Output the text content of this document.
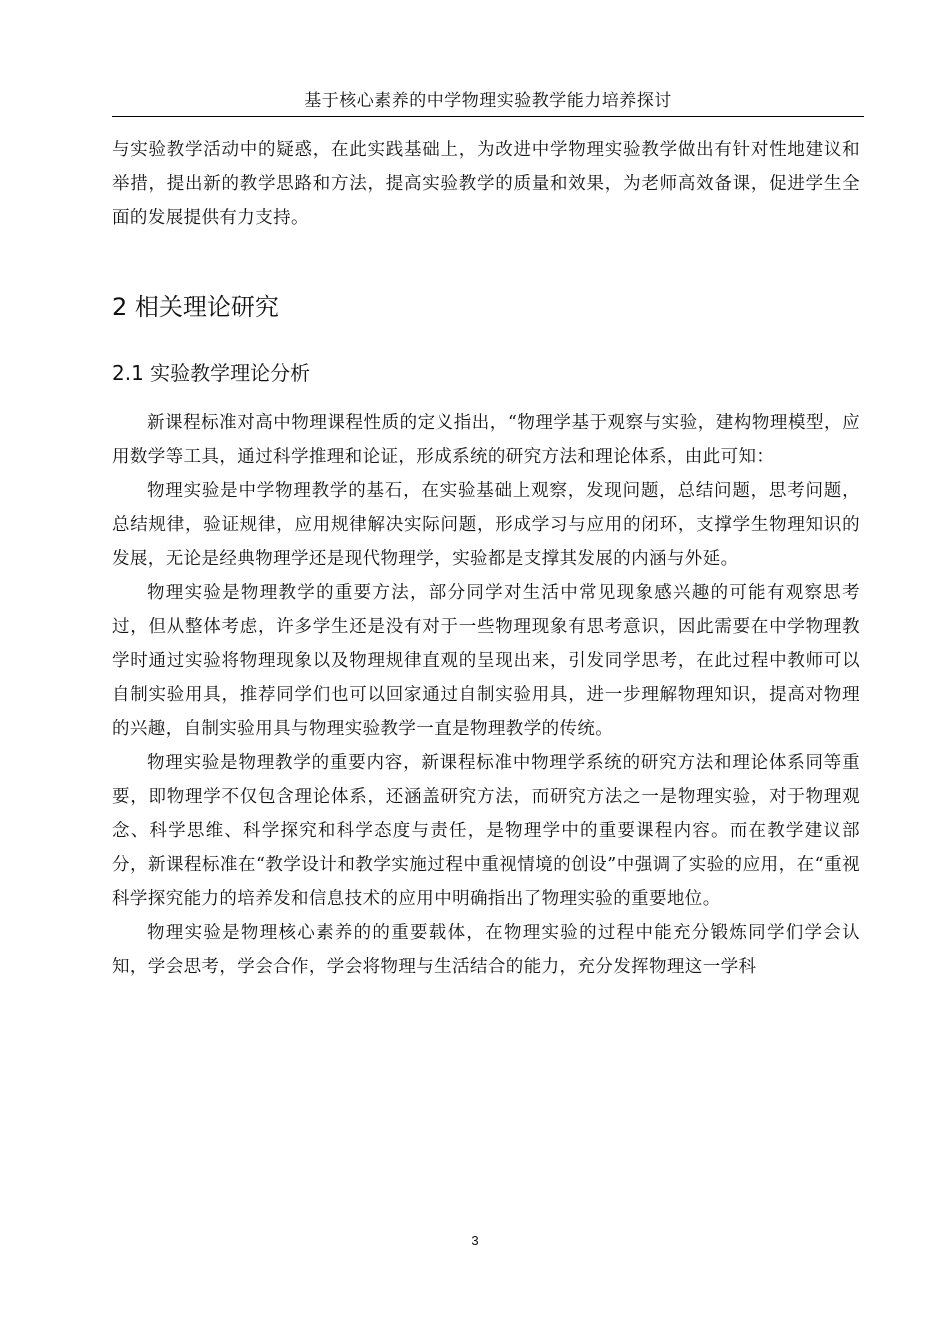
基于核心素养的中学物理实验教学能力培养探讨

与实验教学活动中的疑惑，在此实践基础上，为改进中学物理实验教学做出有针对性地建议和举措，提出新的教学思路和方法，提高实验教学的质量和效果，为老师高效备课，促进学生全面的发展提供有力支持。

2 相关理论研究
2.1 实验教学理论分析

新课程标准对高中物理课程性质的定义指出，“物理学基于观察与实验，建构物理模型，应用数学等工具，通过科学推理和论证，形成系统的研究方法和理论体系，由此可知：

物理实验是中学物理教学的基石，在实验基础上观察，发现问题，总结问题，思考问题，总结规律，验证规律，应用规律解决实际问题，形成学习与应用的闭环，支撑学生物理知识的发展，无论是经典物理学还是现代物理学，实验都是支撑其发展的内涵与外延。

物理实验是物理教学的重要方法，部分同学对生活中常见现象感兴趣的可能有观察思考过，但从整体考虑，许多学生还是没有对于一些物理现象有思考意识，因此需要在中学物理教学时通过实验将物理现象以及物理规律直观的呈现出来，引发同学思考，在此过程中教师可以自制实验用具，推荐同学们也可以回家通过自制实验用具，进一步理解物理知识，提高对物理的兴趣，自制实验用具与物理实验教学一直是物理教学的传统。

物理实验是物理教学的重要内容，新课程标准中物理学系统的研究方法和理论体系同等重要，即物理学不仅包含理论体系，还涵盖研究方法，而研究方法之一是物理实验，对于物理观念、科学思维、科学探究和科学态度与责任，是物理学中的重要课程内容。而在教学建议部分，新课程标准在“教学设计和教学实施过程中重视情境的创设”中强调了实验的应用，在“重视科学探究能力的培养发和信息技术的应用中明确指出了物理实验的重要地位。

物理实验是物理核心素养的的重要载体，在物理实验的过程中能充分锻炼同学们学会认知，学会思考，学会合作，学会将物理与生活结合的能力，充分发挥物理这一学科

3
